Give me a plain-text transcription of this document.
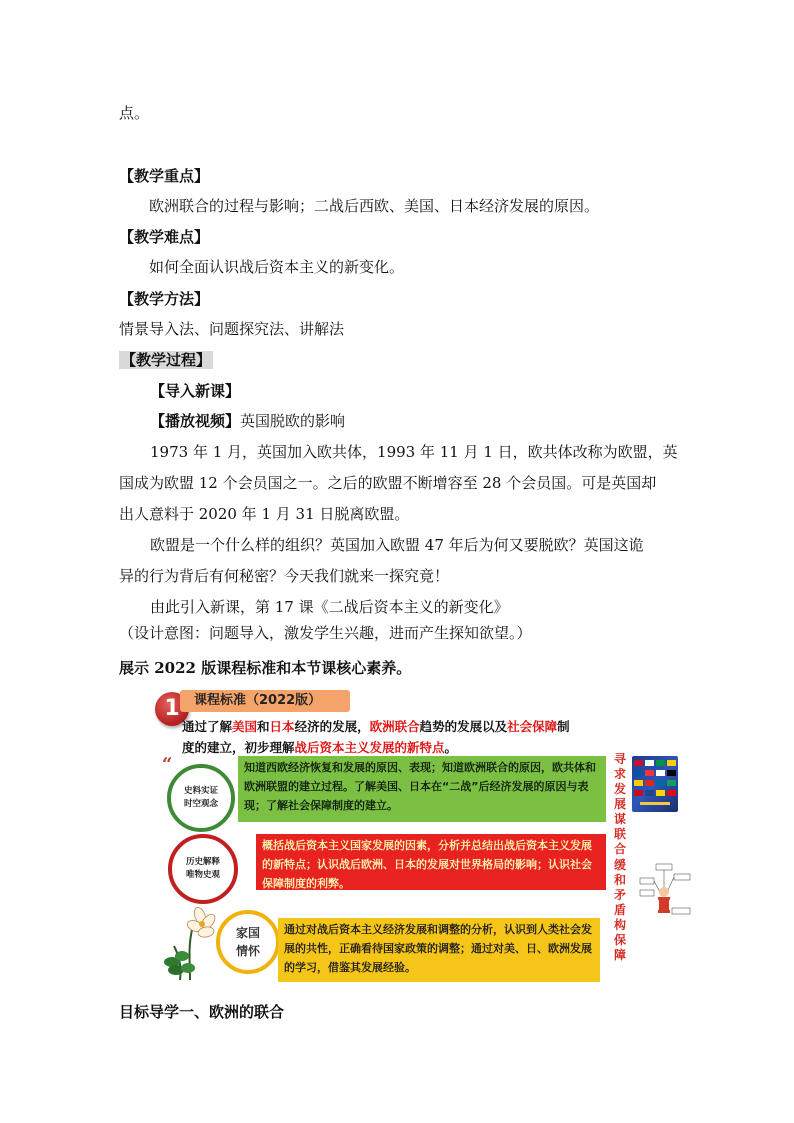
点。
【教学重点】
欧洲联合的过程与影响；二战后西欧、美国、日本经济发展的原因。
【教学难点】
如何全面认识战后资本主义的新变化。
【教学方法】
情景导入法、问题探究法、讲解法
【教学过程】
【导入新课】
【播放视频】英国脱欧的影响
1973 年 1 月，英国加入欧共体，1993 年 11 月 1 日，欧共体改称为欧盟，英
国成为欧盟 12 个会员国之一。之后的欧盟不断增容至 28 个会员国。可是英国却
出人意料于 2020 年 1 月 31 日脱离欧盟。
欧盟是一个什么样的组织？英国加入欧盟 47 年后为何又要脱欧？英国这诡
异的行为背后有何秘密？今天我们就来一探究竟！
由此引入新课，第 17 课《二战后资本主义的新变化》
（设计意图：问题导入，激发学生兴趣，进而产生探知欲望。）
展示 2022 版课程标准和本节课核心素养。
1	课程标准（2022版）
通过了解美国和日本经济的发展，欧洲联合趋势的发展以及社会保障制
度的建立，初步理解战后资本主义发展的新特点。
“
史料实证
时空观念
知道西欧经济恢复和发展的原因、表现；知道欧洲联合的原因，欧共体和欧洲联盟的建立过程。了解美国、日本在“二战”后经济发展的原因与表现；了解社会保障制度的建立。
历史解释
唯物史观
概括战后资本主义国家发展的因素，分析并总结出战后资本主义发展的新特点；认识战后欧洲、日本的发展对世界格局的影响；认识社会保障制度的利弊。
家国
情怀
通过对战后资本主义经济发展和调整的分析，认识到人类社会发展的共性，正确看待国家政策的调整；通过对美、日、欧洲发展的学习，借鉴其发展经验。
寻求发展谋联合
缓和矛盾构保障
目标导学一、欧洲的联合
